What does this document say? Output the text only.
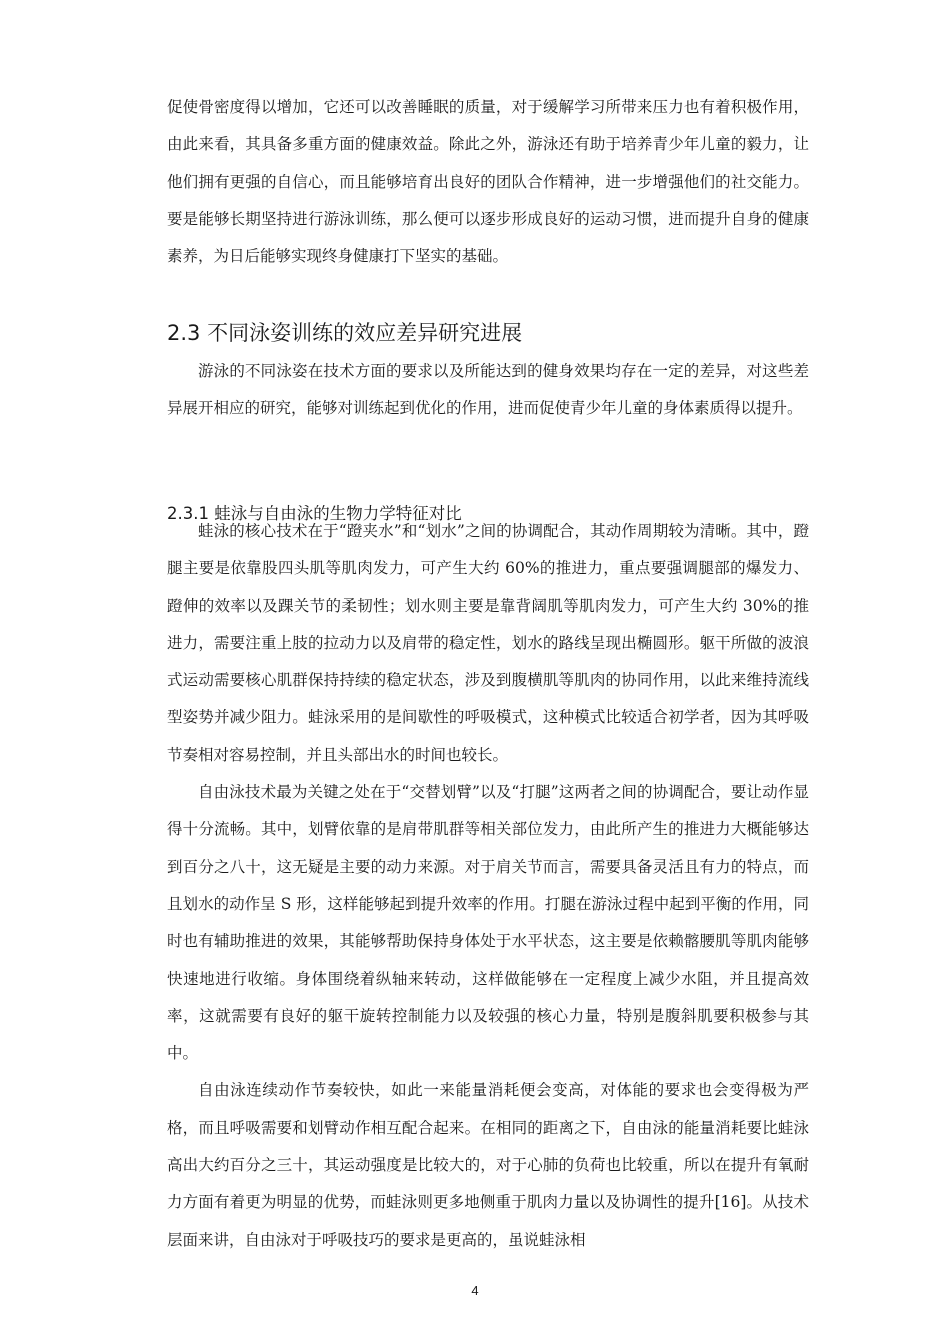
促使骨密度得以增加，它还可以改善睡眠的质量，对于缓解学习所带来压力也有着积极作用，由此来看，其具备多重方面的健康效益。除此之外，游泳还有助于培养青少年儿童的毅力，让他们拥有更强的自信心，而且能够培育出良好的团队合作精神，进一步增强他们的社交能力。要是能够长期坚持进行游泳训练，那么便可以逐步形成良好的运动习惯，进而提升自身的健康素养，为日后能够实现终身健康打下坚实的基础。

2.3 不同泳姿训练的效应差异研究进展

游泳的不同泳姿在技术方面的要求以及所能达到的健身效果均存在一定的差异，对这些差异展开相应的研究，能够对训练起到优化的作用，进而促使青少年儿童的身体素质得以提升。

2.3.1 蛙泳与自由泳的生物力学特征对比

蛙泳的核心技术在于“蹬夹水”和“划水”之间的协调配合，其动作周期较为清晰。其中，蹬腿主要是依靠股四头肌等肌肉发力，可产生大约 60%的推进力，重点要强调腿部的爆发力、蹬伸的效率以及踝关节的柔韧性；划水则主要是靠背阔肌等肌肉发力，可产生大约 30%的推进力，需要注重上肢的拉动力以及肩带的稳定性，划水的路线呈现出椭圆形。躯干所做的波浪式运动需要核心肌群保持持续的稳定状态，涉及到腹横肌等肌肉的协同作用，以此来维持流线型姿势并减少阻力。蛙泳采用的是间歇性的呼吸模式，这种模式比较适合初学者，因为其呼吸节奏相对容易控制，并且头部出水的时间也较长。

自由泳技术最为关键之处在于“交替划臂”以及“打腿”这两者之间的协调配合，要让动作显得十分流畅。其中，划臂依靠的是肩带肌群等相关部位发力，由此所产生的推进力大概能够达到百分之八十，这无疑是主要的动力来源。对于肩关节而言，需要具备灵活且有力的特点，而且划水的动作呈 S 形，这样能够起到提升效率的作用。打腿在游泳过程中起到平衡的作用，同时也有辅助推进的效果，其能够帮助保持身体处于水平状态，这主要是依赖髂腰肌等肌肉能够快速地进行收缩。身体围绕着纵轴来转动，这样做能够在一定程度上减少水阻，并且提高效率，这就需要有良好的躯干旋转控制能力以及较强的核心力量，特别是腹斜肌要积极参与其中。

自由泳连续动作节奏较快，如此一来能量消耗便会变高，对体能的要求也会变得极为严格，而且呼吸需要和划臂动作相互配合起来。在相同的距离之下，自由泳的能量消耗要比蛙泳高出大约百分之三十，其运动强度是比较大的，对于心肺的负荷也比较重，所以在提升有氧耐力方面有着更为明显的优势，而蛙泳则更多地侧重于肌肉力量以及协调性的提升[16]。从技术层面来讲，自由泳对于呼吸技巧的要求是更高的，虽说蛙泳相

4
